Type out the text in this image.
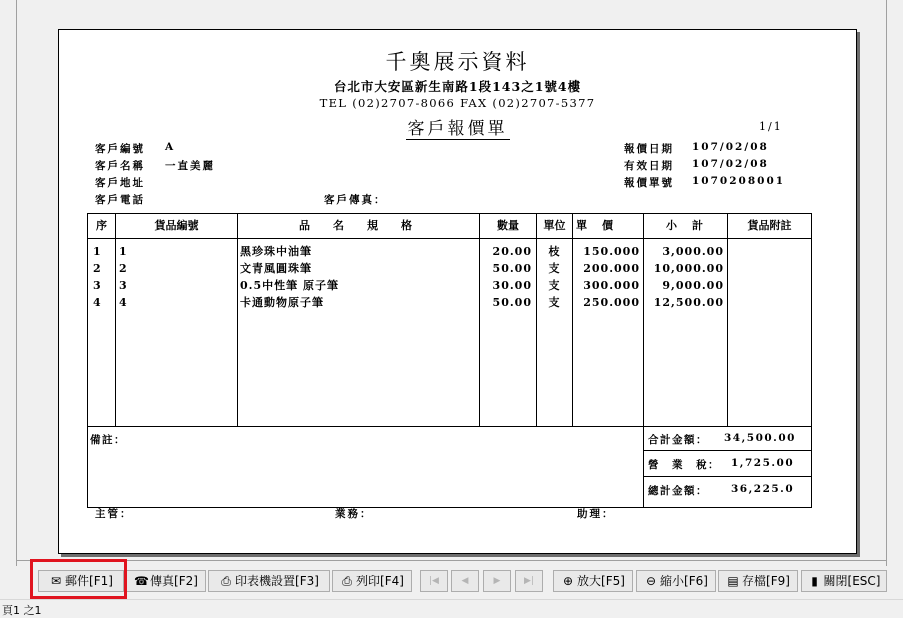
千奧展示資料
台北市大安區新生南路1段143之1號4樓
TEL (02)2707-8066 FAX (02)2707-5377
客戶報價單	1/1
客戶編號 A
客戶名稱 一直美麗
客戶地址
客戶電話	客戶傳真：
報價日期 107/02/08
有效日期 107/02/08
報價單號 1070208001
序	貨品編號	品　名　規　格	數量	單位 單　價	小　計	貨品附註
1 1	黑珍珠中油筆	20.00	枝	150.000	3,000.00
2 2	文青風圓珠筆	50.00	支	200.000	10,000.00
3 3	0.5中性筆 原子筆	30.00	支	300.000	9,000.00
4 4	卡通動物原子筆	50.00	支	250.000	12,500.00
備註：	合計金額： 34,500.00
營　業　稅： 1,725.00
總計金額： 36,225.0
主管：	業務：	助理：
✉ 郵件[F1] ☎ 傳真[F2] ⎙ 印表機設置[F3] ⎙ 列印[F4]	|◀	◀	▶	▶| ⊕ 放大[F5] ⊖ 縮小[F6] ▤ 存檔[F9]	▮ 關閉[ESC]
頁1 之1
